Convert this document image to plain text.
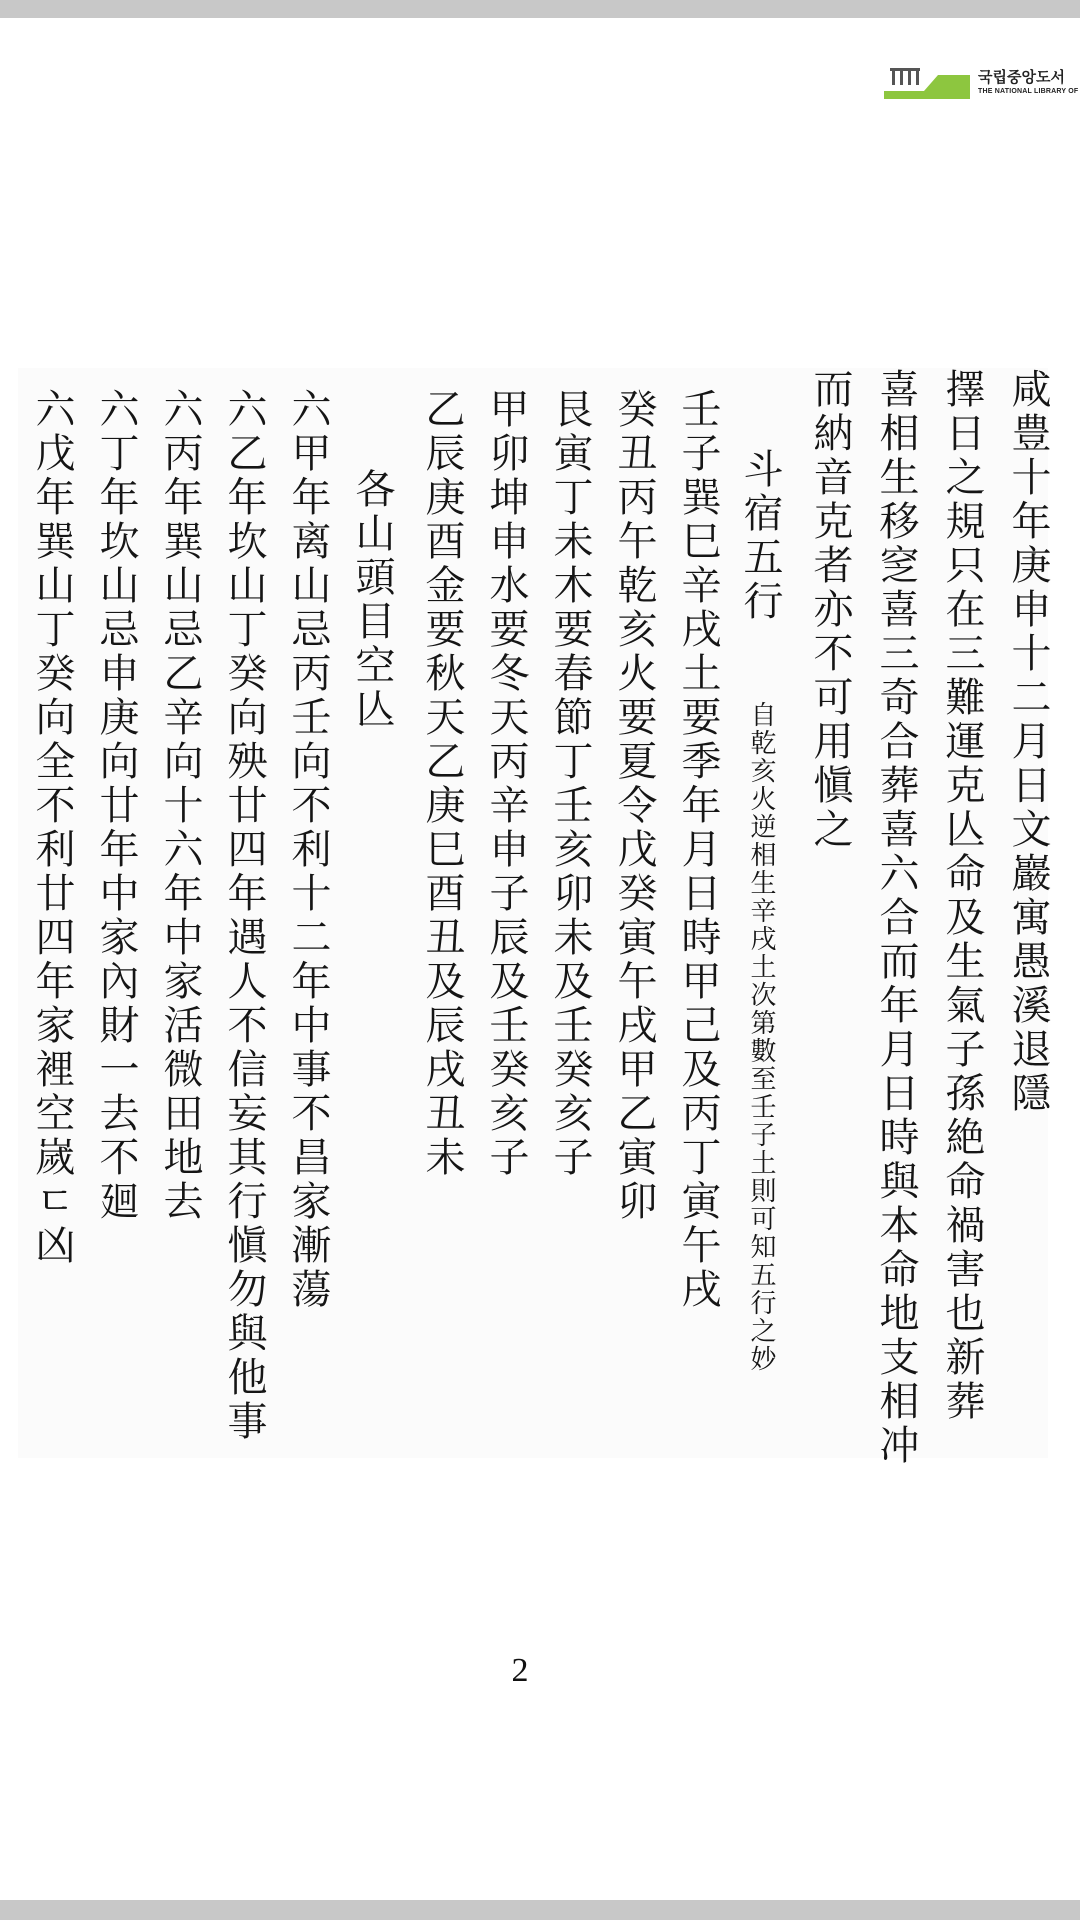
국립중앙도서
THE NATIONAL LIBRARY OF
咸豊十年庚申十二月日文巖寓愚溪退隱
擇日之規只在三難運克亾命及生氣子孫絶命禍害也新葬
喜相生移窆喜三奇合葬喜六合而年月日時與本命地支相冲
而納音克者亦不可用愼之
斗宿五行
自乾亥火逆相生辛戌土次第數至壬子土則可知五行之妙
壬子巽巳辛戌土要季年月日時甲己及丙丁寅午戌
癸丑丙午乾亥火要夏令戊癸寅午戌甲乙寅卯
艮寅丁未木要春節丁壬亥卯未及壬癸亥子
甲卯坤申水要冬天丙辛申子辰及壬癸亥子
乙辰庚酉金要秋天乙庚巳酉丑及辰戌丑未
各山頭目空亾
六甲年离山忌丙壬向不利十二年中事不昌家漸蕩
六乙年坎山丁癸向殃廿四年遇人不信妄其行愼勿與他事
六丙年巽山忌乙辛向十六年中家活微田地去
六丁年坎山忌申庚向廿年中家內財一去不廻
六戊年巽山丁癸向全不利廿四年家裡空嵗ㄷ凶
2
